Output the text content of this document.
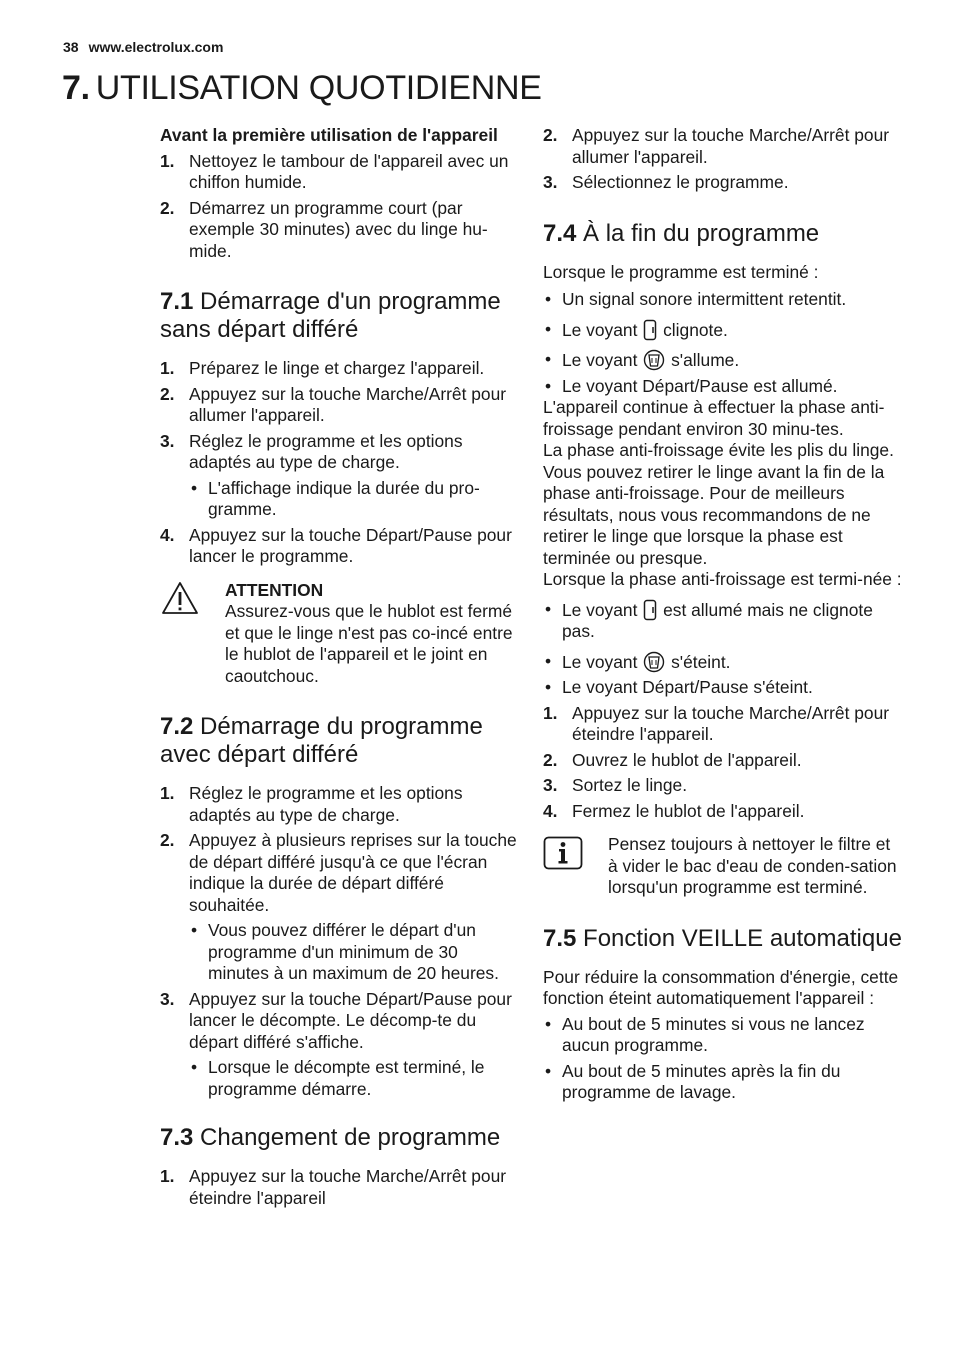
38 www.electrolux.com
7. UTILISATION QUOTIDIENNE

Avant la première utilisation de l'appareil

1. Nettoyez le tambour de l'appareil avec un chiffon humide.
2. Démarrez un programme court (par exemple 30 minutes) avec du linge hu-mide.
7.1 Démarrage d'un programme sans départ différé
1. Préparez le linge et chargez l'appareil.
2. Appuyez sur la touche Marche/Arrêt pour allumer l'appareil.
3. Réglez le programme et les options adaptés au type de charge.
• L'affichage indique la durée du pro-gramme.
4. Appuyez sur la touche Départ/Pause pour lancer le programme.
ATTENTION
Assurez-vous que le hublot est fermé et que le linge n'est pas co-incé entre le hublot de l'appareil et le joint en caoutchouc.
7.2 Démarrage du programme avec départ différé
1. Réglez le programme et les options adaptés au type de charge.
2. Appuyez à plusieurs reprises sur la touche de départ différé jusqu'à ce que l'écran indique la durée de départ différé souhaitée.
• Vous pouvez différer le départ d'un programme d'un minimum de 30 minutes à un maximum de 20 heures.
3. Appuyez sur la touche Départ/Pause pour lancer le décompte. Le décomp-te du départ différé s'affiche.
• Lorsque le décompte est terminé, le programme démarre.
7.3 Changement de programme
1. Appuyez sur la touche Marche/Arrêt pour éteindre l'appareil
2. Appuyez sur la touche Marche/Arrêt pour allumer l'appareil.
3. Sélectionnez le programme.
7.4 À la fin du programme

Lorsque le programme est terminé :

• Un signal sonore intermittent retentit.
• Le voyant clignote.
• Le voyant s'allume.
• Le voyant Départ/Pause est allumé.

L'appareil continue à effectuer la phase anti-froissage pendant environ 30 minu-tes.

La phase anti-froissage évite les plis du linge.

Vous pouvez retirer le linge avant la fin de la phase anti-froissage. Pour de meilleurs résultats, nous vous recommandons de ne retirer le linge que lorsque la phase est terminée ou presque.

Lorsque la phase anti-froissage est termi-née :

• Le voyant est allumé mais ne clignote pas.
• Le voyant s'éteint.
• Le voyant Départ/Pause s'éteint.
1. Appuyez sur la touche Marche/Arrêt pour éteindre l'appareil.
2. Ouvrez le hublot de l'appareil.
3. Sortez le linge.
4. Fermez le hublot de l'appareil.
Pensez toujours à nettoyer le filtre et à vider le bac d'eau de conden-sation lorsqu'un programme est terminé.
7.5 Fonction VEILLE automatique

Pour réduire la consommation d'énergie, cette fonction éteint automatiquement l'appareil :

• Au bout de 5 minutes si vous ne lancez aucun programme.
• Au bout de 5 minutes après la fin du programme de lavage.
